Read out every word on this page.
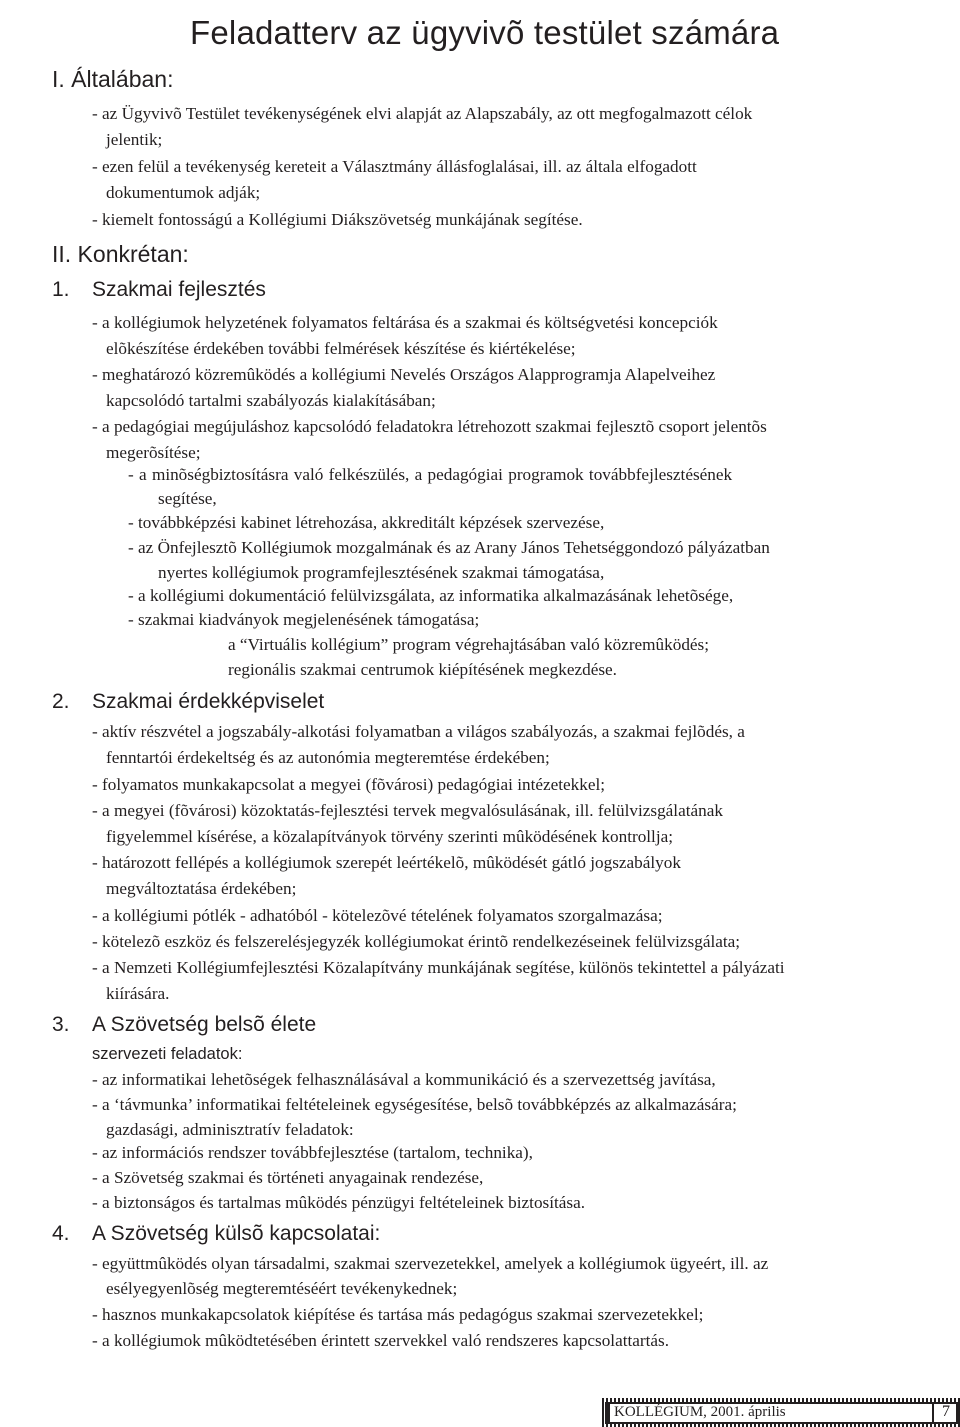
Feladatterv az ügyvivõ testület számára
I. Általában:
- az Ügyvivõ Testület tevékenységének elvi alapját az Alapszabály, az ott megfogalmazott célok
jelentik;
- ezen felül a tevékenység kereteit a Választmány állásfoglalásai, ill. az általa elfogadott
dokumentumok adják;
- kiemelt fontosságú a Kollégiumi Diákszövetség munkájának segítése.
II. Konkrétan:
1. Szakmai fejlesztés
- a kollégiumok helyzetének folyamatos feltárása és a szakmai és költségvetési koncepciók
elõkészítése érdekében további felmérések készítése és kiértékelése;
- meghatározó közremûködés a kollégiumi Nevelés Országos Alapprogramja Alapelveihez
kapcsolódó tartalmi szabályozás kialakításában;
- a pedagógiai megújuláshoz kapcsolódó feladatokra létrehozott szakmai fejlesztõ csoport jelentõs
megerõsítése;
- a minõségbiztosításra való felkészülés, a pedagógiai programok továbbfejlesztésének
segítése,
- továbbképzési kabinet létrehozása, akkreditált képzések szervezése,
- az Önfejlesztõ Kollégiumok mozgalmának és az Arany János Tehetséggondozó pályázatban
nyertes kollégiumok programfejlesztésének szakmai támogatása,
- a kollégiumi dokumentáció felülvizsgálata, az informatika alkalmazásának lehetõsége,
- szakmai kiadványok megjelenésének támogatása;
a “Virtuális kollégium” program végrehajtásában való közremûködés;
regionális szakmai centrumok kiépítésének megkezdése.
2. Szakmai érdekképviselet
- aktív részvétel a jogszabály-alkotási folyamatban a világos szabályozás, a szakmai fejlõdés, a
fenntartói érdekeltség és az autonómia megteremtése érdekében;
- folyamatos munkakapcsolat a megyei (fõvárosi) pedagógiai intézetekkel;
- a megyei (fõvárosi) közoktatás-fejlesztési tervek megvalósulásának, ill. felülvizsgálatának
figyelemmel kísérése, a közalapítványok törvény szerinti mûködésének kontrollja;
- határozott fellépés a kollégiumok szerepét leértékelõ, mûködését gátló jogszabályok
megváltoztatása érdekében;
- a kollégiumi pótlék - adhatóból - kötelezõvé tételének folyamatos szorgalmazása;
- kötelezõ eszköz és felszerelésjegyzék kollégiumokat érintõ rendelkezéseinek felülvizsgálata;
- a Nemzeti Kollégiumfejlesztési Közalapítvány munkájának segítése, különös tekintettel a pályázati
kiírására.
3. A Szövetség belsõ élete
szervezeti feladatok:
- az informatikai lehetõségek felhasználásával a kommunikáció és a szervezettség javítása,
- a ‘távmunka’ informatikai feltételeinek egységesítése, belsõ továbbképzés az alkalmazására;
gazdasági, adminisztratív feladatok:
- az információs rendszer továbbfejlesztése (tartalom, technika),
- a Szövetség szakmai és történeti anyagainak rendezése,
- a biztonságos és tartalmas mûködés pénzügyi feltételeinek biztosítása.
4. A Szövetség külsõ kapcsolatai:
- együttmûködés olyan társadalmi, szakmai szervezetekkel, amelyek a kollégiumok ügyeért, ill. az
esélyegyenlõség megteremtéséért tevékenykednek;
- hasznos munkakapcsolatok kiépítése és tartása más pedagógus szakmai szervezetekkel;
- a kollégiumok mûködtetésében érintett szervekkel való rendszeres kapcsolattartás.
KOLLÉGIUM, 2001. április	7
